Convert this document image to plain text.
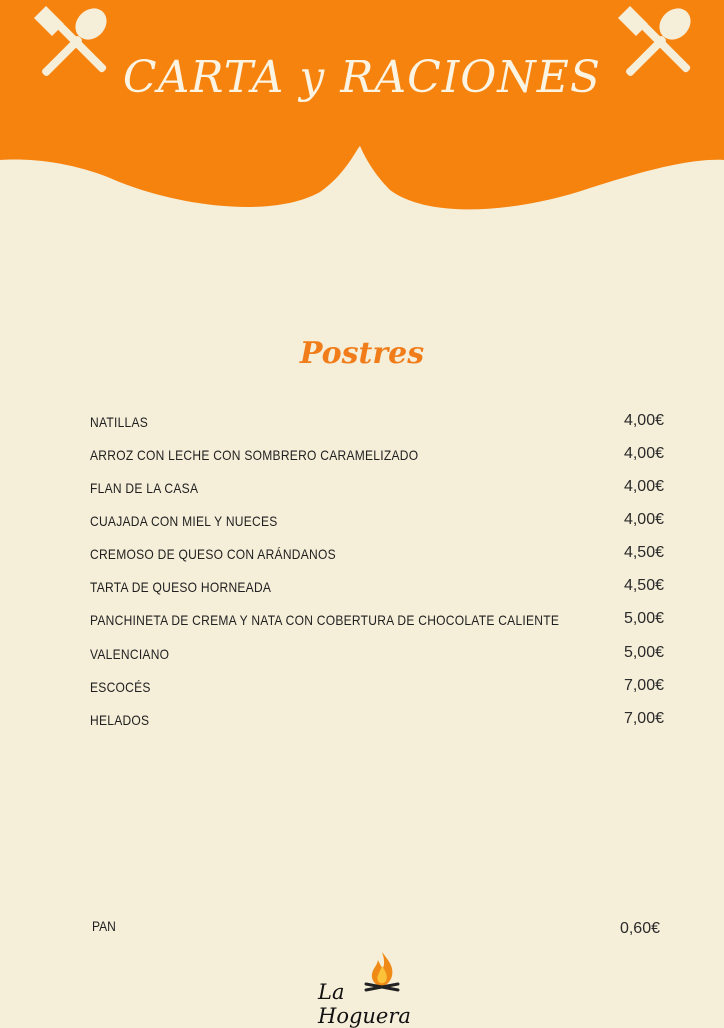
CARTA y RACIONES
Postres
NATILLAS	4,00€
ARROZ CON LECHE CON SOMBRERO CARAMELIZADO	4,00€
FLAN DE LA CASA	4,00€
CUAJADA CON MIEL Y NUECES	4,00€
CREMOSO DE QUESO CON ARÁNDANOS	4,50€
TARTA DE QUESO HORNEADA	4,50€
PANCHINETA DE CREMA Y NATA CON COBERTURA DE CHOCOLATE CALIENTE	5,00€
VALENCIANO	5,00€
ESCOCÉS	7,00€
HELADOS	7,00€
PAN	0,60€
La Hoguera
